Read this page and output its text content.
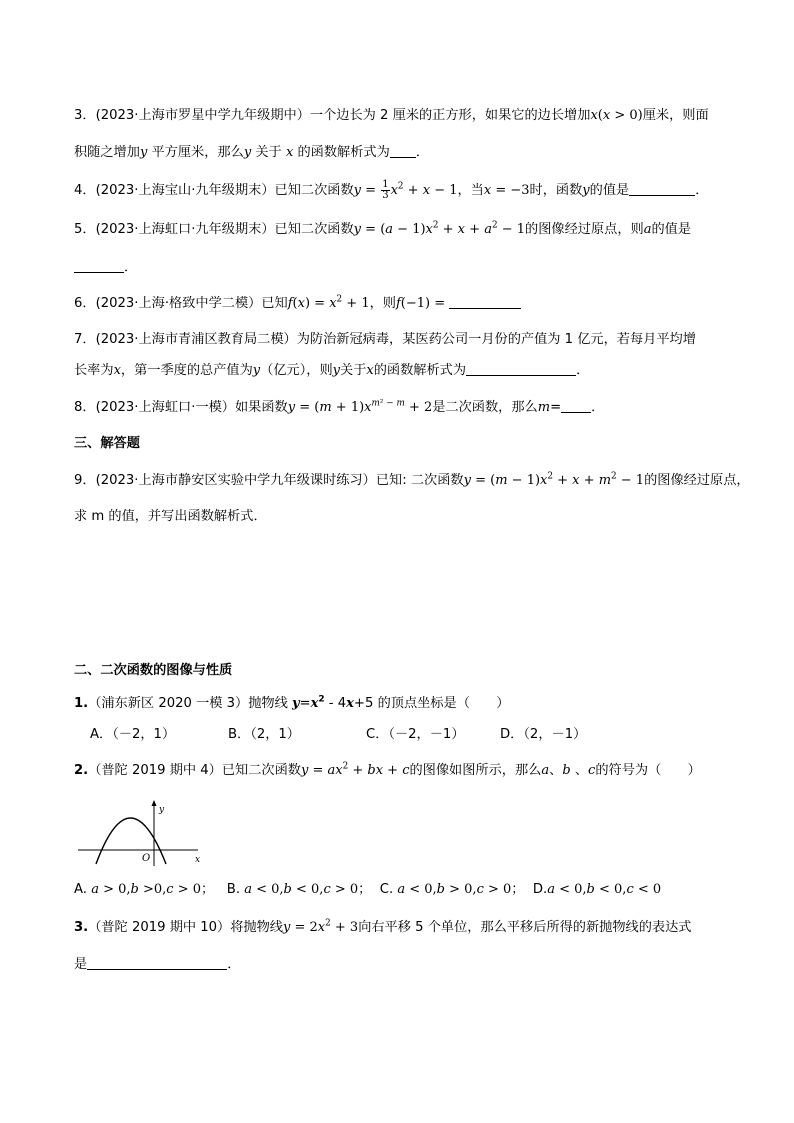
3．(2023·上海市罗星中学九年级期中）一个边长为 2 厘米的正方形，如果它的边长增加x(x > 0)厘米，则面
积随之增加y 平方厘米，那么y 关于 x 的函数解析式为 ．
4．(2023·上海宝山·九年级期末）已知二次函数$y = \frac{1}{3} x^2 + x - 1$，当x = −3时，函数y的值是	．
5．(2023·上海虹口·九年级期末）已知二次函数$y = (a - 1)x^2 + x + a^2 - 1$的图像经过原点，则a的值是
．
6．(2023·上海·格致中学二模）已知$f(x) = x^2 + 1$，则f(−1) =
7．(2023·上海市青浦区教育局二模）为防治新冠病毒，某医药公司一月份的产值为 1 亿元，若每月平均增
长率为x，第一季度的总产值为y（亿元），则y关于x的函数解析式为	．
8．(2023·上海虹口·一模）如果函数$y = (m + 1)x^{m^2 - m} + 2$是二次函数，那么m= ．
三、解答题
9．(2023·上海市静安区实验中学九年级课时练习）已知: 二次函数$y = (m - 1)x^2 + x + m^2 - 1$的图像经过原点，
求 m 的值，并写出函数解析式．
二、二次函数的图像与性质
1.（浦东新区 2020 一模 3）抛物线 $y=x^2 - 4x+5$ 的顶点坐标是（　　）
A．（－2，1）	B．（2，1）	C．（－2，－1）	D．（2，－1）
2.（普陀 2019 期中 4）已知二次函数$y = ax^2$ + bx + c的图像如图所示，那么a、b 、c的符号为（　　）
y
x
O
A. a > 0,b >0,c > 0； B. a < 0,b < 0,c > 0； C. a < 0,b > 0,c > 0； D.a < 0,b < 0,c < 0
3.（普陀 2019 期中 10）将抛物线$y = 2x^2 + 3$向右平移 5 个单位，那么平移后所得的新抛物线的表达式
是	．
